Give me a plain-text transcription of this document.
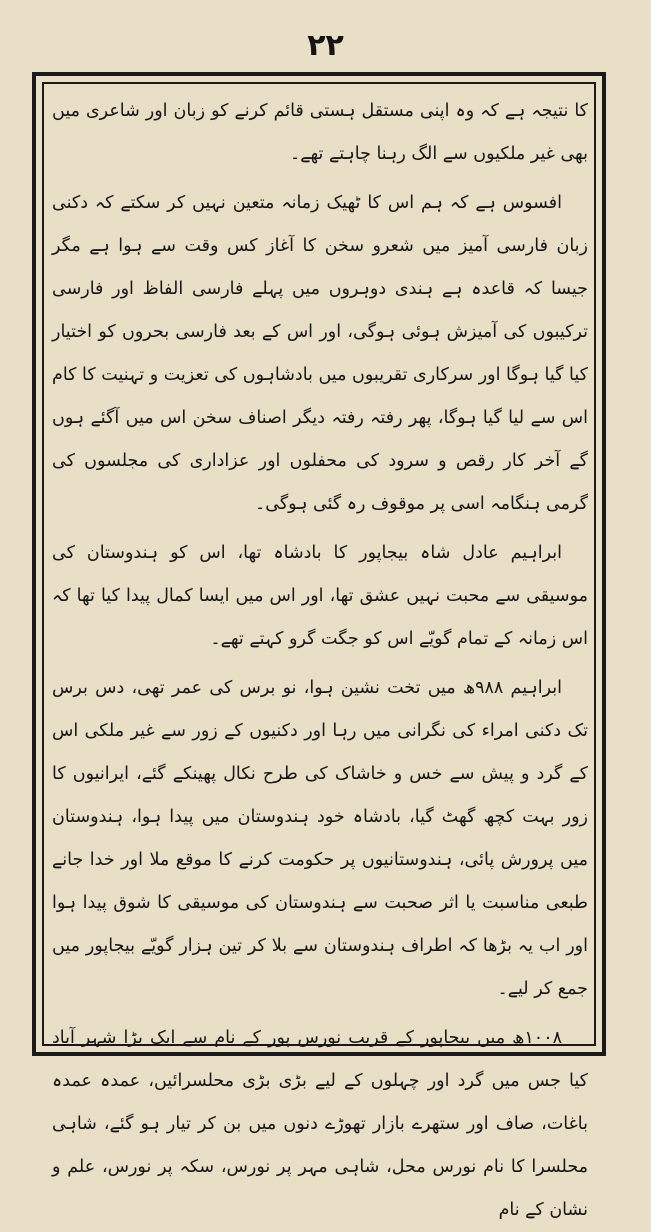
٢٢

کا نتیجہ ہے کہ وہ اپنی مستقل ہستی قائم کرنے کو زبان اور شاعری میں بھی غیر ملکیوں سے الگ رہنا چاہتے تھے۔

افسوس ہے کہ ہم اس کا ٹھیک زمانہ متعین نہیں کر سکتے کہ دکنی زبان فارسی آمیز میں شعرو سخن کا آغاز کس وقت سے ہوا ہے مگر جیسا کہ قاعدہ ہے ہندی دوہروں میں پہلے فارسی الفاظ اور فارسی ترکیبوں کی آمیزش ہوئی ہوگی، اور اس کے بعد فارسی بحروں کو اختیار کیا گیا ہوگا اور سرکاری تقریبوں میں بادشاہوں کی تعزیت و تہنیت کا کام اس سے لیا گیا ہوگا، پھر رفتہ رفتہ دیگر اصناف سخن اس میں آگئے ہوں گے آخر کار رقص و سرود کی محفلوں اور عزاداری کی مجلسوں کی گرمی ہنگامہ اسی پر موقوف رہ گئی ہوگی۔

ابراہیم عادل شاہ بیجاپور کا بادشاہ تھا، اس کو ہندوستان کی موسیقی سے محبت نہیں عشق تھا، اور اس میں ایسا کمال پیدا کیا تھا کہ اس زمانہ کے تمام گویّے اس کو جگت گرو کہتے تھے۔

ابراہیم ۹۸۸ھ میں تخت نشین ہوا، نو برس کی عمر تھی، دس برس تک دکنی امراء کی نگرانی میں رہا اور دکنیوں کے زور سے غیر ملکی اس کے گرد و پیش سے خس و خاشاک کی طرح نکال پھینکے گئے، ایرانیوں کا زور بہت کچھ گھٹ گیا، بادشاہ خود ہندوستان میں پیدا ہوا، ہندوستان میں پرورش پائی، ہندوستانیوں پر حکومت کرنے کا موقع ملا اور خدا جانے طبعی مناسبت یا اثر صحبت سے ہندوستان کی موسیقی کا شوق پیدا ہوا اور اب یہ بڑھا کہ اطراف ہندوستان سے بلا کر تین ہزار گویّے بیجاپور میں جمع کر لیے۔

۱۰۰۸ھ میں بیجاپور کے قریب نورس پور کے نام سے ایک بڑا شہر آباد کیا جس میں گرد اور چہلوں کے لیے بڑی بڑی محلسرائیں، عمدہ عمدہ باغات، صاف اور ستھرے بازار تھوڑے دنوں میں بن کر تیار ہو گئے، شاہی محلسرا کا نام نورس محل، شاہی مہر پر نورس، سکہ پر نورس، علم و نشان کے نام
